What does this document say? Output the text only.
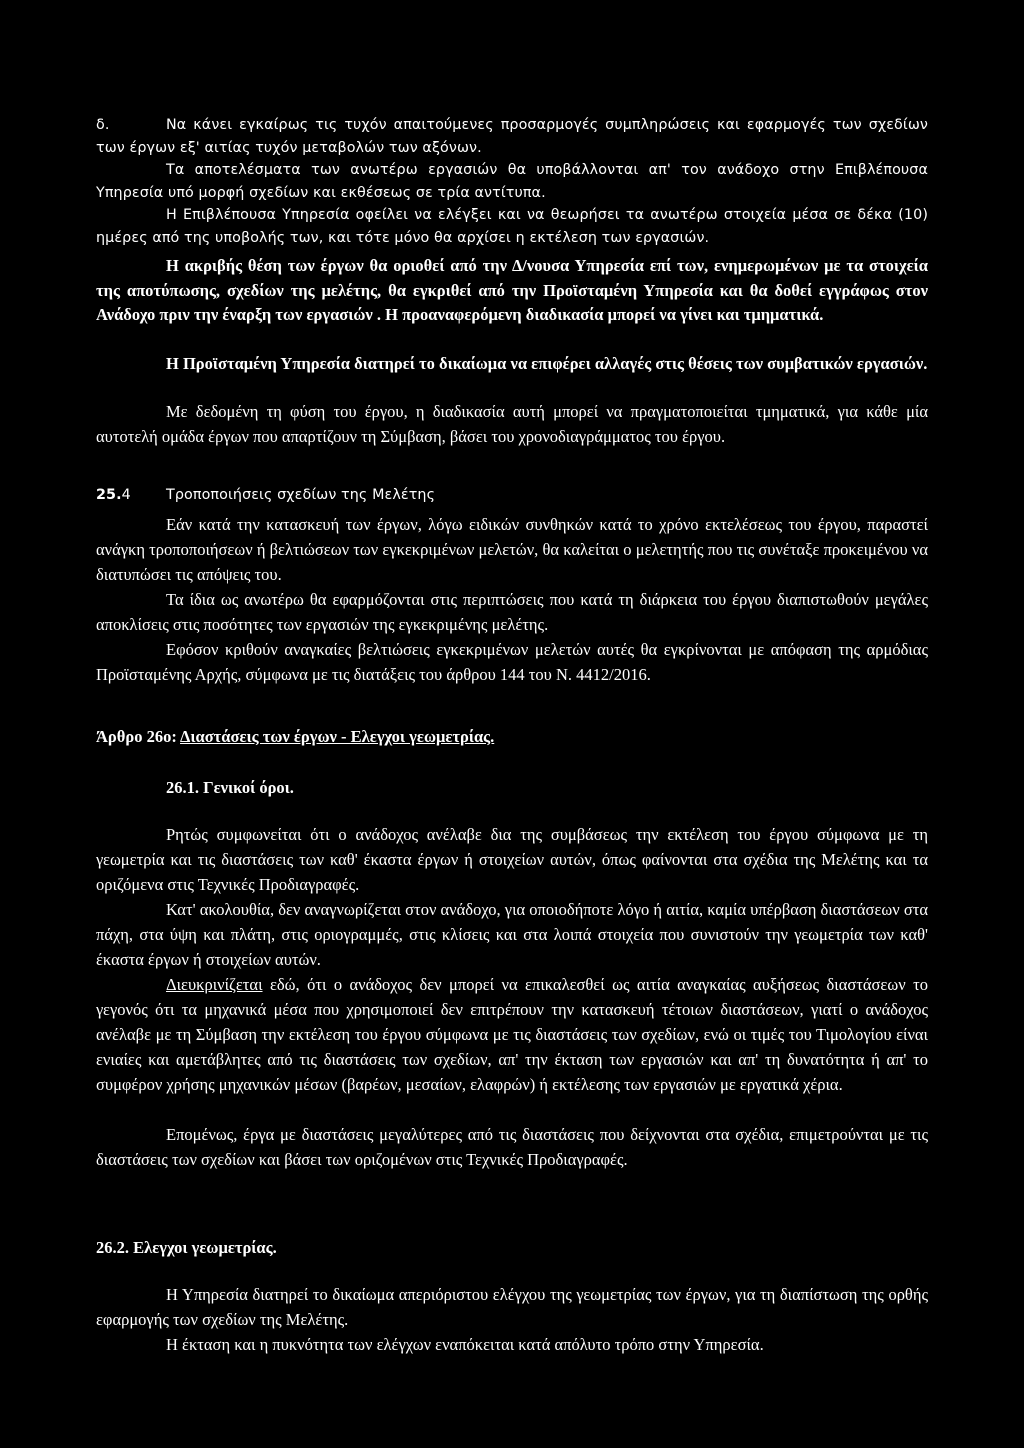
δ.	Να κάνει εγκαίρως τις τυχόν απαιτούμενες προσαρμογές συμπληρώσεις και εφαρμογές των σχεδίων των έργων εξ' αιτίας τυχόν μεταβολών των αξόνων.

Τα αποτελέσματα των ανωτέρω εργασιών θα υποβάλλονται απ' τον ανάδοχο στην Επιβλέπουσα Υπηρεσία υπό μορφή σχεδίων και εκθέσεως σε τρία αντίτυπα.

Η Επιβλέπουσα Υπηρεσία οφείλει να ελέγξει και να θεωρήσει τα ανωτέρω στοιχεία μέσα σε δέκα (10) ημέρες από της υποβολής των, και τότε μόνο θα αρχίσει η εκτέλεση των εργασιών.

Η ακριβής θέση των έργων θα οριοθεί από την Δ/νουσα Υπηρεσία επί των, ενημερωμένων με τα στοιχεία της αποτύπωσης, σχεδίων της μελέτης, θα εγκριθεί από την Προϊσταμένη Υπηρεσία και θα δοθεί εγγράφως στον Ανάδοχο πριν την έναρξη των εργασιών . Η προαναφερόμενη διαδικασία μπορεί να γίνει και τμηματικά.

Η Προϊσταμένη Υπηρεσία διατηρεί το δικαίωμα να επιφέρει αλλαγές στις θέσεις των συμβατικών εργασιών.

Με δεδομένη τη φύση του έργου, η διαδικασία αυτή μπορεί να πραγματοποιείται τμηματικά, για κάθε μία αυτοτελή ομάδα έργων που απαρτίζουν τη Σύμβαση, βάσει του χρονοδιαγράμματος του έργου.

25.4 Τροποποιήσεις σχεδίων της Μελέτης

Εάν κατά την κατασκευή των έργων, λόγω ειδικών συνθηκών κατά το χρόνο εκτελέσεως του έργου, παραστεί ανάγκη τροποποιήσεων ή βελτιώσεων των εγκεκριμένων μελετών, θα καλείται ο μελετητής που τις συνέταξε προκειμένου να διατυπώσει τις απόψεις του.

Τα ίδια ως ανωτέρω θα εφαρμόζονται στις περιπτώσεις που κατά τη διάρκεια του έργου διαπιστωθούν μεγάλες αποκλίσεις στις ποσότητες των εργασιών της εγκεκριμένης μελέτης.

Εφόσον κριθούν αναγκαίες βελτιώσεις εγκεκριμένων μελετών αυτές θα εγκρίνονται με απόφαση της αρμόδιας Προϊσταμένης Αρχής, σύμφωνα με τις διατάξεις του άρθρου 144 του Ν. 4412/2016.

Άρθρο 26ο: Διαστάσεις των έργων - Ελεγχοι γεωμετρίας.

26.1. Γενικοί όροι.

Ρητώς συμφωνείται ότι ο ανάδοχος ανέλαβε δια της συμβάσεως την εκτέλεση του έργου σύμφωνα με τη γεωμετρία και τις διαστάσεις των καθ' έκαστα έργων ή στοιχείων αυτών, όπως φαίνονται στα σχέδια της Μελέτης και τα οριζόμενα στις Τεχνικές Προδιαγραφές.

Κατ' ακολουθία, δεν αναγνωρίζεται στον ανάδοχο, για οποιοδήποτε λόγο ή αιτία, καμία υπέρβαση διαστάσεων στα πάχη, στα ύψη και πλάτη, στις οριογραμμές, στις κλίσεις και στα λοιπά στοιχεία που συνιστούν την γεωμετρία των καθ' έκαστα έργων ή στοιχείων αυτών.

Διευκρινίζεται εδώ, ότι ο ανάδοχος δεν μπορεί να επικαλεσθεί ως αιτία αναγκαίας αυξήσεως διαστάσεων το γεγονός ότι τα μηχανικά μέσα που χρησιμοποιεί δεν επιτρέπουν την κατασκευή τέτοιων διαστάσεων, γιατί ο ανάδοχος ανέλαβε με τη Σύμβαση την εκτέλεση του έργου σύμφωνα με τις διαστάσεις των σχεδίων, ενώ οι τιμές του Τιμολογίου είναι ενιαίες και αμετάβλητες από τις διαστάσεις των σχεδίων, απ' την έκταση των εργασιών και απ' τη δυνατότητα ή απ' το συμφέρον χρήσης μηχανικών μέσων (βαρέων, μεσαίων, ελαφρών) ή εκτέλεσης των εργασιών με εργατικά χέρια.

Επομένως, έργα με διαστάσεις μεγαλύτερες από τις διαστάσεις που δείχνονται στα σχέδια, επιμετρούνται με τις διαστάσεις των σχεδίων και βάσει των οριζομένων στις Τεχνικές Προδιαγραφές.

26.2. Ελεγχοι γεωμετρίας.

Η Υπηρεσία διατηρεί το δικαίωμα απεριόριστου ελέγχου της γεωμετρίας των έργων, για τη διαπίστωση της ορθής εφαρμογής των σχεδίων της Μελέτης.

Η έκταση και η πυκνότητα των ελέγχων εναπόκειται κατά απόλυτο τρόπο στην Υπηρεσία.
